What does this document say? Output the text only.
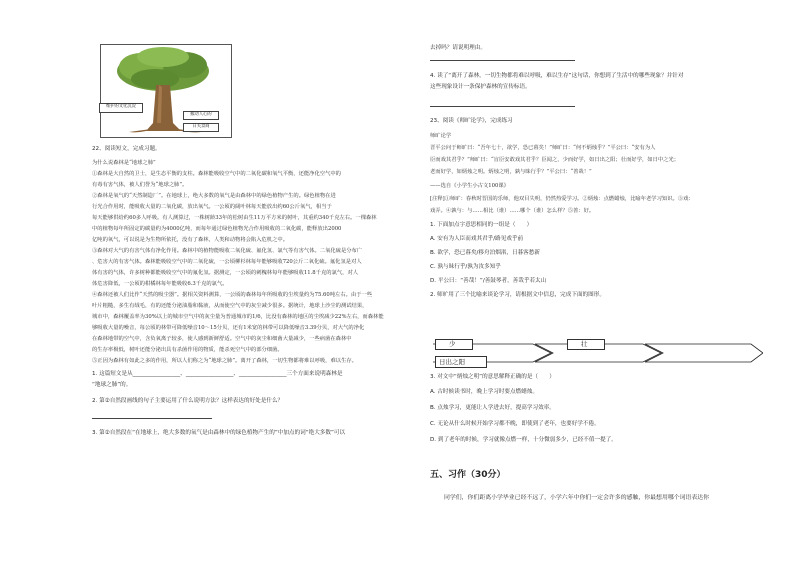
维护的文化沉淀
搬动人心的
日关景商
22、阅读短文，完成习题。
为什么说森林是“地球之肺”
①森林是大自然的卫士，是生态平衡的支柱。森林能吸收空气中的二氧化碳和氧气平衡，还能净化空气中的
有毒有害气体，被人们誉为“地球之肺”。
②森林是氧气的“天然制造厂”。在地球上，绝大多数的氧气是由森林中的绿色植物产生的。绿色植物在进
行光合作用时，能吸收大量的二氧化碳，放出氧气。一公顷的阔叶林每天能放出约60公斤氧气，相当于
每天能够供给约60多人呼吸。有人测算过，一株树龄33年的松树由生11万平方米的树叶，其重约340千克左右。一棵森林
中的植物每年所固定的碳量约为4000亿吨，而每年通过绿色植物光合作用吸收的二氧化碳，能释放出2000
亿吨的氧气，可以说是为生物所依托，没有了森林，人类和动物将会陷入危机之中。
③森林对大气的有害气体有净化作用。森林中的植物能吸收二氧化硫、氟化氢、氯气等有害气体。二氧化硫是分布广
、危害大的有害气体。森林能吸收空气中的二氧化硫，一公顷柳杉林每年能够吸收720公斤二氧化硫。氟化氢是对人
体有害的气体，许多树种都能吸收空气中的氟化氢。据测定，一公顷的刺槐林每年能够吸收11.8千克的氯气，对人
体危害降低，一公顷的柑橘林每年能吸收6.3千克的氯气。
④森林还被人们比作“天然的吸尘器”。据相关资料测算，一公顷的森林每年所吸收的尘埃量约为75.60吨左右。由于一些
叶片粗糙，多生有绒毛，有的还能分泌油脂和黏液，从而使空气中的灰尘减少很多。据统计，地球上沙尘的测试结果，
城市中，森林覆盖率为30%以上的城市空气中的灰尘量为普通城市的1/6，比没有森林的地区的尘埃减少22%左右，而森林能
够吸收大量的噪音，每公顷的林带可降低噪音10～15分贝，还有1米宽的林带可以降低噪音3.39分贝，对大气的净化
在森林地带的空气中，含负氧离子较多，使人感到新鲜舒适。空气中的灰尘和细菌大量减少，一些病菌在森林中
的生存率极低，树叶还能分泌出具有杀菌作用的物质，能杀死空气中的部分细菌。
⑤正因为森林有如此之多的作用，所以人们称之为“地球之肺”。离开了森林，一切生物都将难以呼吸，难以生存。
1. 这篇短文是从_________________、_________________、_________________三个方面来说明森林是
“地球之肺”的。
2. 第②自然段画线的句子主要运用了什么说明方法？这样表达的好处是什么？
3. 第②自然段在“在地球上，绝大多数的氧气是由森林中的绿色植物产生的”中加点的词“绝大多数”可以
去掉吗？请说明理由。
4. 读了“离开了森林，一切生物都将难以呼吸，难以生存”这句话，你想到了生活中的哪些现象？并针对
这些现象设计一条保护森林的宣传标语。
23、阅读《师旷论学》，完成练习
师旷论学
晋平公问于师旷曰：“吾年七十，欲学，恐已暮矣！”师旷曰：“何不炳烛乎？”平公曰：“安有为人
臣而戏其君乎？”师旷曰：“盲臣安敢戏其君乎？臣闻之，少而好学，如日出之阳；壮而好学，如日中之光；
老而好学，如炳烛之明。炳烛之明，孰与昧行乎？”平公曰：“善哉！”
——选自《小学生小古文100课》
[注释]①师旷：春秋时晋国的乐师，他双目失明，仍然热爱学习。②炳烛：点燃蜡烛，比喻年老学习知识。③戏：
戏弄。④孰与：与……相比（谁）……哪个（谁）怎么样？⑤善：好。
1. 下面加点字意思相同的一组是（　　）
A. 安有为人臣而戏其君乎/路见戏乎前
B. 欲学，恐已暮矣/移舟泊烟渚，日暮客愁新
C. 孰与昧行乎/孰为汝多知乎
D. 平公曰：“善哉！”/善鼓琴者，善哉乎若太山
2. 师旷用了三个比喻来谈论学习，请根据文中信息，完成下面的图形。
少	壮
日出之阳
3. 对文中“炳烛之明”的意思解释正确的是（　　）
A. 古时候读书时，晚上学习时要点燃蜡烛。
B. 点烛学习，更能让人学进去好，提高学习效率。
C. 无论从什么时候开始学习都不晚，即使到了老年，也要好学不倦。
D. 到了老年的时候，学习就像点燃一样，十分微弱多少，已经不值一提了。
五、习作（30分）
同学们，你们距离小学毕业已经不远了，小学六年中你们一定会许多的感触，你最想用哪个词语表达你
